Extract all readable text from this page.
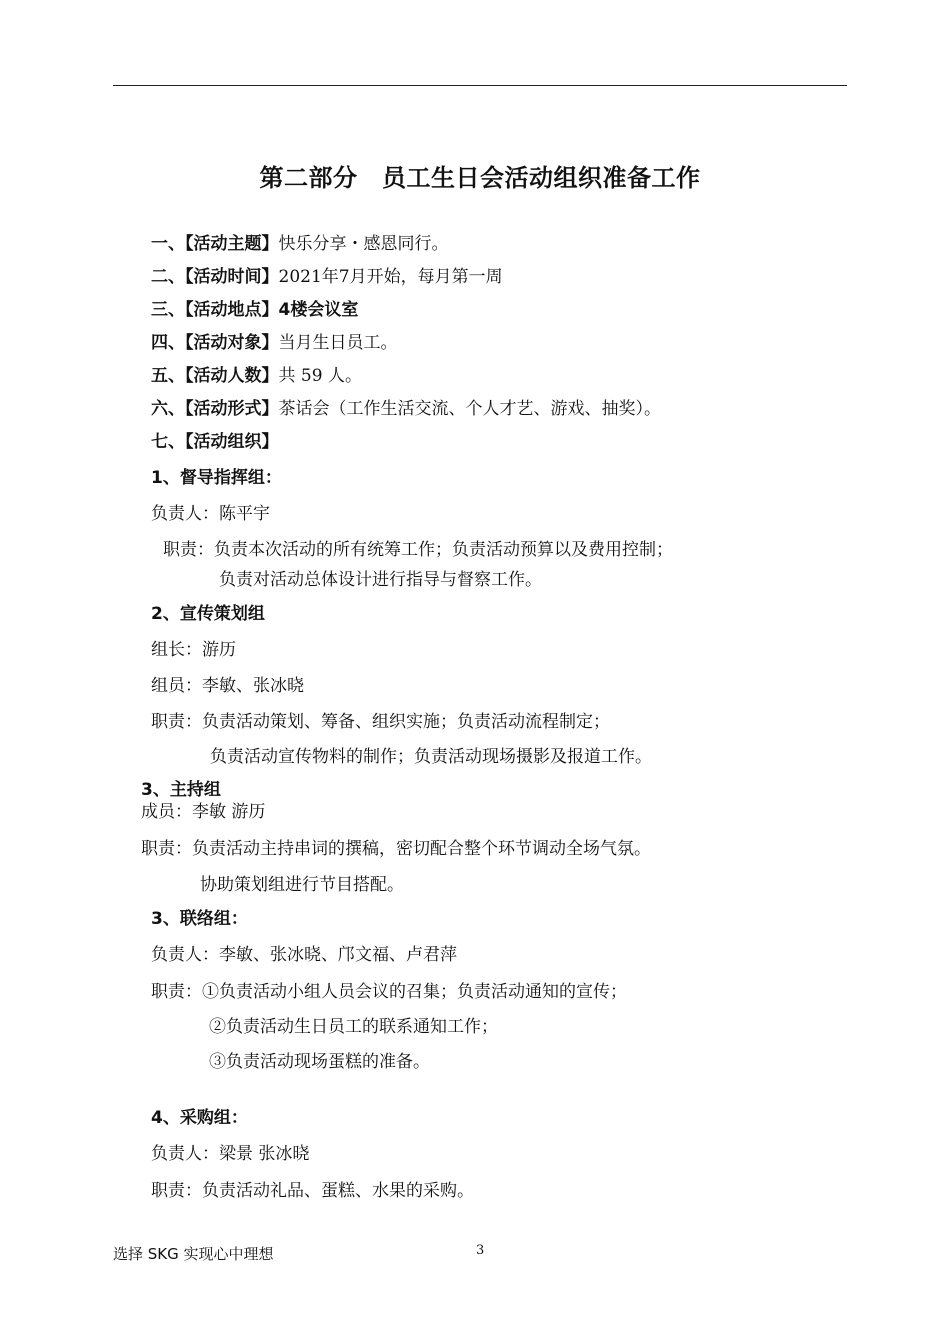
第二部分　员工生日会活动组织准备工作
一、【活动主题】快乐分享・感恩同行。
二、【活动时间】2021年7月开始，每月第一周
三、【活动地点】4楼会议室
四、【活动对象】当月生日员工。
五、【活动人数】共 59 人。
六、【活动形式】茶话会（工作生活交流、个人才艺、游戏、抽奖）。
七、【活动组织】
1、督导指挥组：
负责人：陈平宇
职责：负责本次活动的所有统筹工作；负责活动预算以及费用控制；
负责对活动总体设计进行指导与督察工作。
2、宣传策划组
组长：游历
组员：李敏、张冰晓
职责：负责活动策划、筹备、组织实施；负责活动流程制定；
负责活动宣传物料的制作；负责活动现场摄影及报道工作。
3、主持组
成员：李敏 游历
职责：负责活动主持串词的撰稿，密切配合整个环节调动全场气氛。
协助策划组进行节目搭配。
3、联络组：
负责人：李敏、张冰晓、邝文福、卢君萍
职责：①负责活动小组人员会议的召集；负责活动通知的宣传；
②负责活动生日员工的联系通知工作；
③负责活动现场蛋糕的准备。
4、采购组：
负责人：梁景 张冰晓
职责：负责活动礼品、蛋糕、水果的采购。
选择 SKG 实现心中理想	3
